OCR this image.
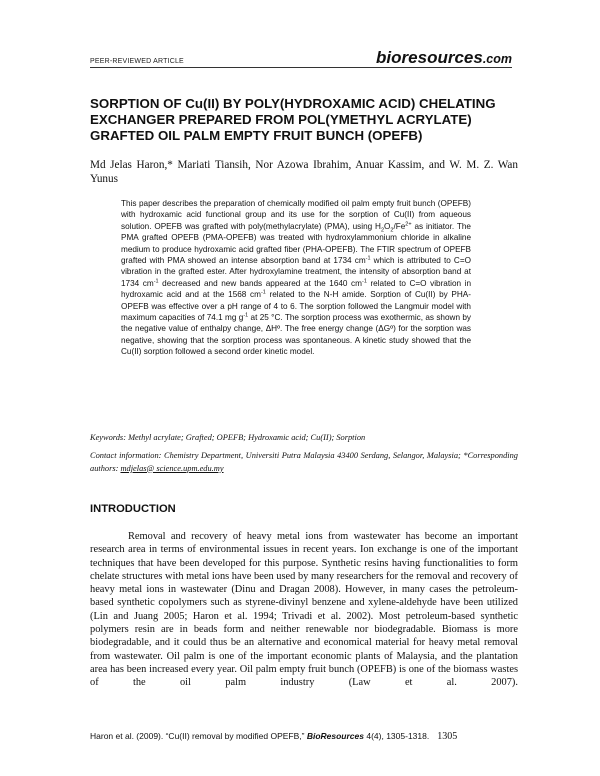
PEER-REVIEWED ARTICLE	bioresources.com
SORPTION OF Cu(II) BY POLY(HYDROXAMIC ACID) CHELATING EXCHANGER PREPARED FROM POL(YMETHYL ACRYLATE) GRAFTED OIL PALM EMPTY FRUIT BUNCH (OPEFB)
Md Jelas Haron,* Mariati Tiansih, Nor Azowa Ibrahim, Anuar Kassim, and W. M. Z. Wan Yunus
This paper describes the preparation of chemically modified oil palm empty fruit bunch (OPEFB) with hydroxamic acid functional group and its use for the sorption of Cu(II) from aqueous solution. OPEFB was grafted with poly(methylacrylate) (PMA), using $H_2O_2/Fe^{2+}$ as initiator. The PMA grafted OPEFB (PMA-OPEFB) was treated with hydroxylammonium chloride in alkaline medium to produce hydroxamic acid grafted fiber (PHA-OPEFB). The FTIR spectrum of OPEFB grafted with PMA showed an intense absorption band at 1734 $cm^{-1}$ which is attributed to C=O vibration in the grafted ester. After hydroxylamine treatment, the intensity of absorption band at 1734 $cm^{-1}$ decreased and new bands appeared at the 1640 $cm^{-1}$ related to C=O vibration in hydroxamic acid and at the 1568 $cm^{-1}$ related to the N-H amide. Sorption of Cu(II) by PHA-OPEFB was effective over a pH range of 4 to 6. The sorption followed the Langmuir model with maximum capacities of 74.1 mg $g^{-1}$ at 25 °C. The sorption process was exothermic, as shown by the negative value of enthalpy change, ΔHº. The free energy change (ΔGº) for the sorption was negative, showing that the sorption process was spontaneous. A kinetic study showed that the Cu(II) sorption followed a second order kinetic model.
Keywords: Methyl acrylate; Grafted; OPEFB; Hydroxamic acid; Cu(II); Sorption
Contact information: Chemistry Department, Universiti Putra Malaysia 43400 Serdang, Selangor, Malaysia; *Corresponding authors: mdjelas@ science.upm.edu.my
INTRODUCTION
Removal and recovery of heavy metal ions from wastewater has become an important research area in terms of environmental issues in recent years. Ion exchange is one of the important techniques that have been developed for this purpose. Synthetic resins having functionalities to form chelate structures with metal ions have been used by many researchers for the removal and recovery of heavy metal ions in wastewater (Dinu and Dragan 2008). However, in many cases the petroleum-based synthetic copolymers such as styrene-divinyl benzene and xylene-aldehyde have been utilized (Lin and Juang 2005; Haron et al. 1994; Trivadi et al. 2002). Most petroleum-based synthetic polymers resin are in beads form and neither renewable nor biodegradable. Biomass is more biodegradable, and it could thus be an alternative and economical material for heavy metal removal from wastewater. Oil palm is one of the important economic plants of Malaysia, and the plantation area has been increased every year. Oil palm empty fruit bunch (OPEFB) is one of the biomass wastes of the oil palm industry (Law et al. 2007).
Haron et al. (2009). “Cu(II) removal by modified OPEFB,” BioResources 4(4), 1305-1318. 1305
